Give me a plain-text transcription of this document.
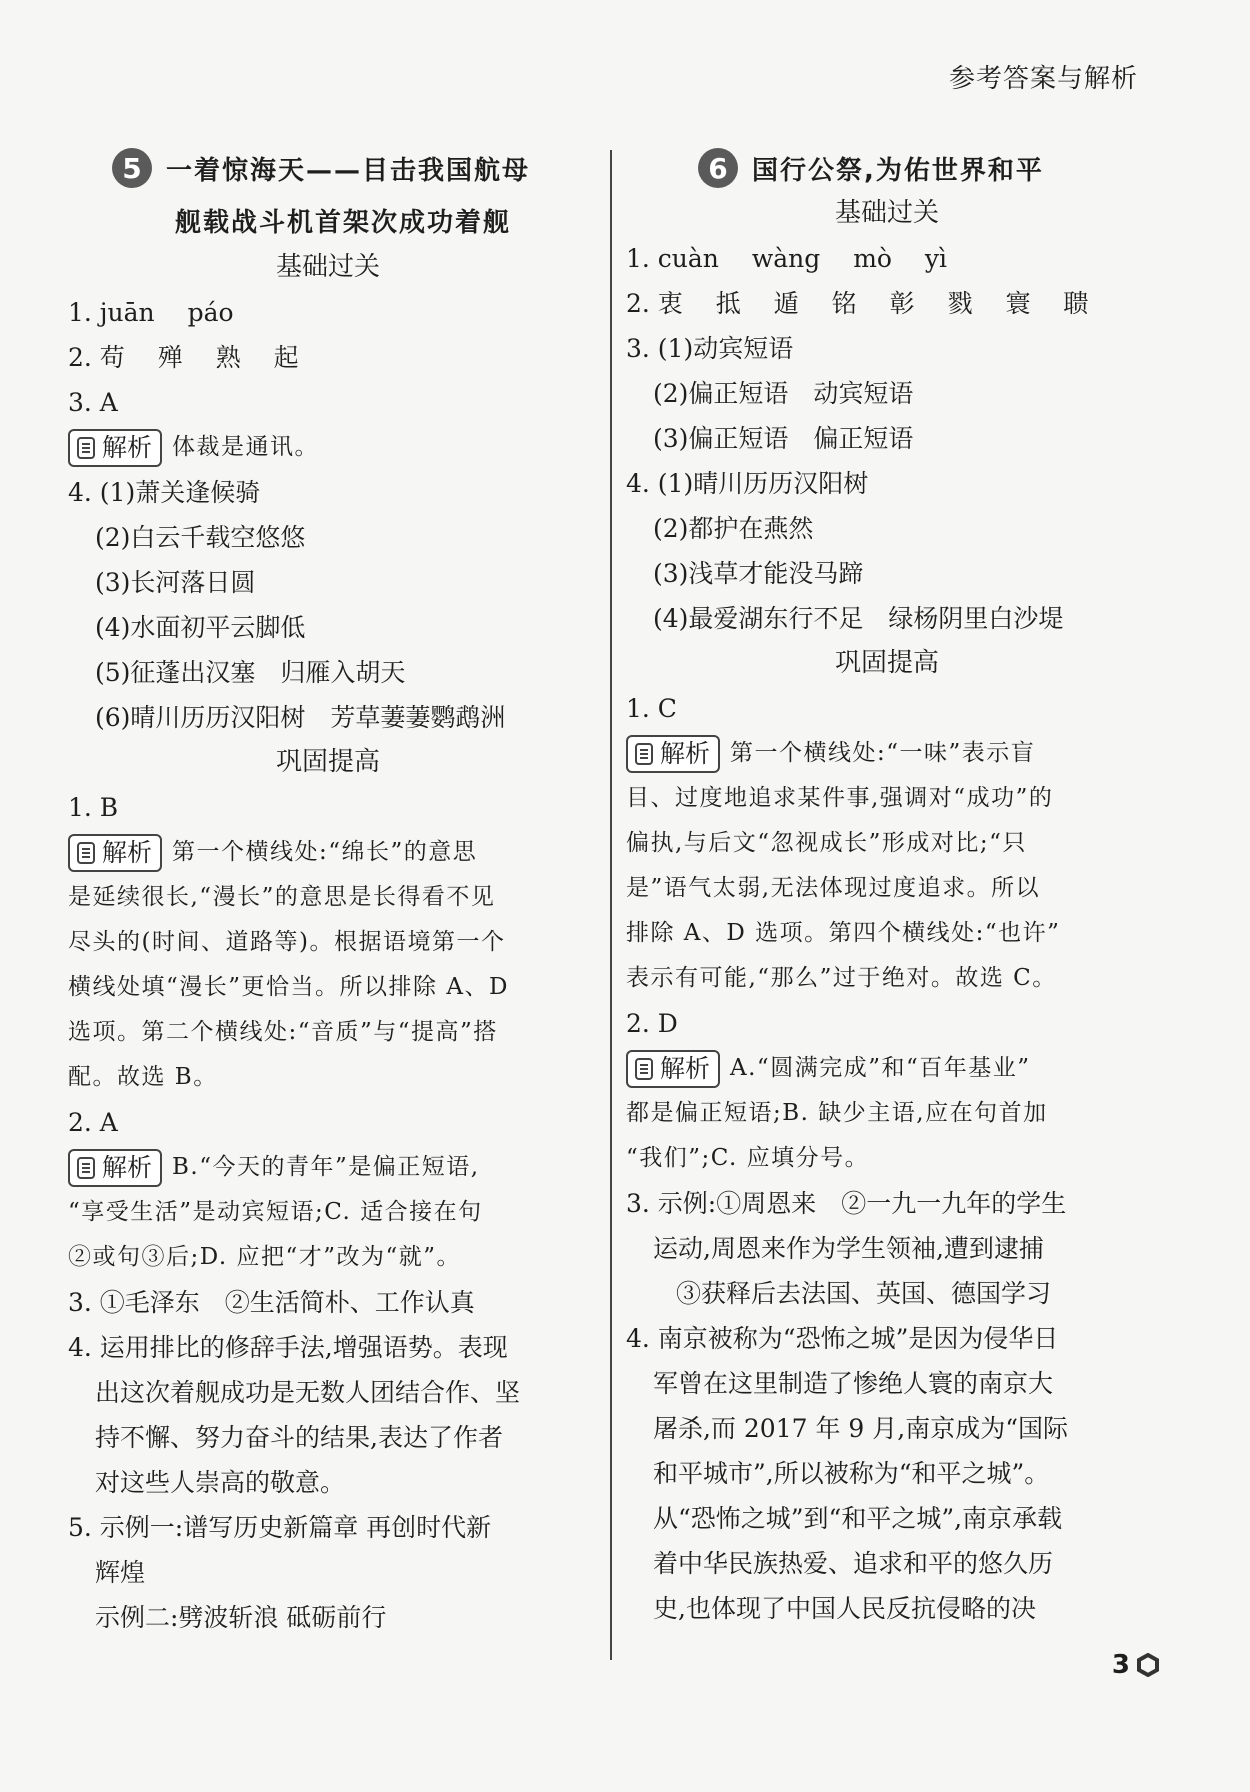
参考答案与解析
5 一着惊海天——目击我国航母
舰载战斗机首架次成功着舰
基础过关
1. juān　 páo
2. 苟　 殚　 熟　 起
3. A
解析 体裁是通讯。
4. (1)萧关逢候骑
(2)白云千载空悠悠
(3)长河落日圆
(4)水面初平云脚低
(5)征蓬出汉塞　归雁入胡天
(6)晴川历历汉阳树　芳草萋萋鹦鹉洲
巩固提高
1. B
解析 第一个横线处:“绵长”的意思
是延续很长,“漫长”的意思是长得看不见
尽头的(时间、道路等)。根据语境第一个
横线处填“漫长”更恰当。所以排除 A、D
选项。第二个横线处:“音质”与“提高”搭
配。故选 B。
2. A
解析 B.“今天的青年”是偏正短语,
“享受生活”是动宾短语;C. 适合接在句
②或句③后;D. 应把“才”改为“就”。
3. ①毛泽东　②生活简朴、工作认真
4. 运用排比的修辞手法,增强语势。表现
出这次着舰成功是无数人团结合作、坚
持不懈、努力奋斗的结果,表达了作者
对这些人崇高的敬意。
5. 示例一:谱写历史新篇章 再创时代新
辉煌
示例二:劈波斩浪 砥砺前行
6 国行公祭,为佑世界和平
基础过关
1. cuàn　 wàng　 mò　 yì
2. 衷　 抵　 遁　 铭　 彰　 戮　 寰　 聩
3. (1)动宾短语
(2)偏正短语　动宾短语
(3)偏正短语　偏正短语
4. (1)晴川历历汉阳树
(2)都护在燕然
(3)浅草才能没马蹄
(4)最爱湖东行不足　绿杨阴里白沙堤
巩固提高
1. C
解析 第一个横线处:“一味”表示盲
目、过度地追求某件事,强调对“成功”的
偏执,与后文“忽视成长”形成对比;“只
是”语气太弱,无法体现过度追求。所以
排除 A、D 选项。第四个横线处:“也许”
表示有可能,“那么”过于绝对。故选 C。
2. D
解析 A.“圆满完成”和“百年基业”
都是偏正短语;B. 缺少主语,应在句首加
“我们”;C. 应填分号。
3. 示例:①周恩来　②一九一九年的学生
运动,周恩来作为学生领袖,遭到逮捕
③获释后去法国、英国、德国学习
4. 南京被称为“恐怖之城”是因为侵华日
军曾在这里制造了惨绝人寰的南京大
屠杀,而 2017 年 9 月,南京成为“国际
和平城市”,所以被称为“和平之城”。
从“恐怖之城”到“和平之城”,南京承载
着中华民族热爱、追求和平的悠久历
史,也体现了中国人民反抗侵略的决
3
